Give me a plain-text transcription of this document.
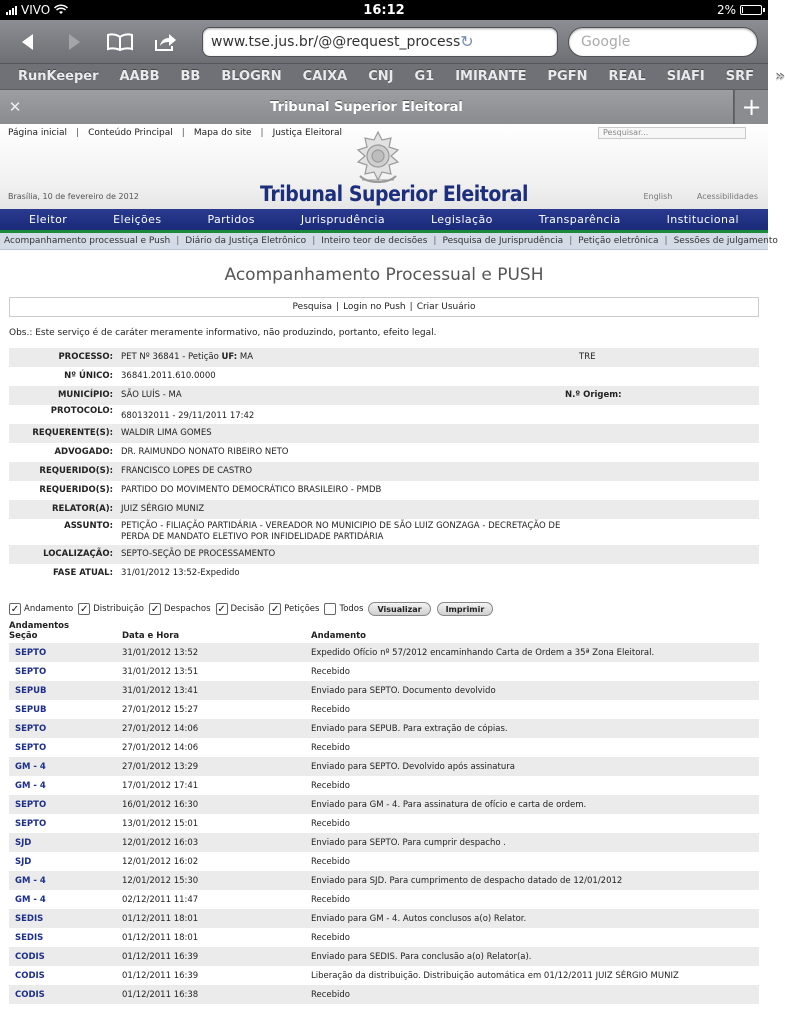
VIVO	16:12	2%
www.tse.jus.br/@@request_process ↻	Google
RunKeeper AABB BB BLOGRN CAIXA CNJ G1 IMIRANTE PGFN REAL SIAFI SRF »
✕	Tribunal Superior Eleitoral	+
Página inicial | Conteúdo Principal | Mapa do site | Justiça Eleitoral	Pesquisar...
Brasília, 10 de fevereiro de 2012	Tribunal Superior Eleitoral	English	Acessibilidades
Eleitor	Eleições	Partidos	Jurisprudência	Legislação	Transparência	Institucional
Acompanhamento processual e Push | Diário da Justiça Eletrônico | Inteiro teor de decisões | Pesquisa de Jurisprudência | Petição eletrônica | Sessões de julgamento
Acompanhamento Processual e PUSH
Pesquisa | Login no Push | Criar Usuário
Obs.: Este serviço é de caráter meramente informativo, não produzindo, portanto, efeito legal.
PROCESSO: PET Nº 36841 - Petição UF: MA	TRE
Nº ÚNICO: 36841.2011.610.0000
MUNICÍPIO: SÃO LUÍS - MA	N.º Origem:
PROTOCOLO: 680132011 - 29/11/2011 17:42
REQUERENTE(S): WALDIR LIMA GOMES
ADVOGADO: DR. RAIMUNDO NONATO RIBEIRO NETO
REQUERIDO(S): FRANCISCO LOPES DE CASTRO
REQUERIDO(S): PARTIDO DO MOVIMENTO DEMOCRÁTICO BRASILEIRO - PMDB
RELATOR(A): JUIZ SÉRGIO MUNIZ
ASSUNTO: PETIÇÃO - FILIAÇÃO PARTIDÁRIA - VEREADOR NO MUNICIPIO DE SÃO LUIZ GONZAGA - DECRETAÇÃO DE PERDA DE MANDATO ELETIVO POR INFIDELIDADE PARTIDÁRIA
LOCALIZAÇÃO: SEPTO-SEÇÃO DE PROCESSAMENTO
FASE ATUAL: 31/01/2012 13:52-Expedido
✓ Andamento ✓ Distribuição ✓ Despachos ✓ Decisão ✓ Petições Todos	Visualizar	Imprimir
Andamentos
Seção	Data e Hora	Andamento
SEPTO	31/01/2012 13:52	Expedido Ofício nº 57/2012 encaminhando Carta de Ordem a 35ª Zona Eleitoral.
SEPTO	31/01/2012 13:51	Recebido
SEPUB	31/01/2012 13:41	Enviado para SEPTO. Documento devolvido
SEPUB	27/01/2012 15:27	Recebido
SEPTO	27/01/2012 14:06	Enviado para SEPUB. Para extração de cópias.
SEPTO	27/01/2012 14:06	Recebido
GM - 4	27/01/2012 13:29	Enviado para SEPTO. Devolvido após assinatura
GM - 4	17/01/2012 17:41	Recebido
SEPTO	16/01/2012 16:30	Enviado para GM - 4. Para assinatura de ofício e carta de ordem.
SEPTO	13/01/2012 15:01	Recebido
SJD	12/01/2012 16:03	Enviado para SEPTO. Para cumprir despacho .
SJD	12/01/2012 16:02	Recebido
GM - 4	12/01/2012 15:30	Enviado para SJD. Para cumprimento de despacho datado de 12/01/2012
GM - 4	02/12/2011 11:47	Recebido
SEDIS	01/12/2011 18:01	Enviado para GM - 4. Autos conclusos a(o) Relator.
SEDIS	01/12/2011 18:01	Recebido
CODIS	01/12/2011 16:39	Enviado para SEDIS. Para conclusão a(o) Relator(a).
CODIS	01/12/2011 16:39	Liberação da distribuição. Distribuição automática em 01/12/2011 JUIZ SÉRGIO MUNIZ
CODIS	01/12/2011 16:38	Recebido
